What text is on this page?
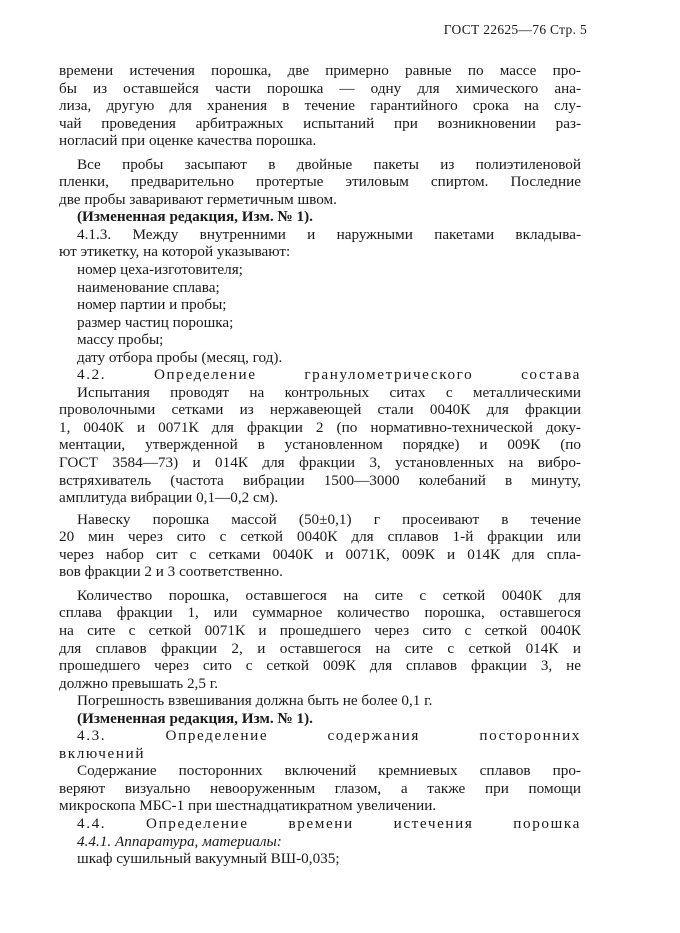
ГОСТ 22625—76 Стр. 5
времени истечения порошка, две примерно равные по массе про-
бы из оставшейся части порошка — одну для химического ана-
лиза, другую для хранения в течение гарантийного срока на слу-
чай проведения арбитражных испытаний при возникновении раз-
ногласий при оценке качества порошка.
Все пробы засыпают в двойные пакеты из полиэтиленовой
пленки, предварительно протертые этиловым спиртом. Последние
две пробы заваривают герметичным швом.
(Измененная редакция, Изм. № 1).
4.1.3. Между внутренними и наружными пакетами вкладыва-
ют этикетку, на которой указывают:
номер цеха-изготовителя;
наименование сплава;
номер партии и пробы;
размер частиц порошка;
массу пробы;
дату отбора пробы (месяц, год).
4.2. Определение гранулометрического состава
Испытания проводят на контрольных ситах с металлическими
проволочными сетками из нержавеющей стали 0040К для фракции
1, 0040К и 0071К для фракции 2 (по нормативно-технической доку-
ментации, утвержденной в установленном порядке) и 009К (по
ГОСТ 3584—73) и 014К для фракции 3, установленных на вибро-
встряхиватель (частота вибрации 1500—3000 колебаний в минуту,
амплитуда вибрации 0,1—0,2 см).
Навеску порошка массой (50±0,1) г просеивают в течение
20 мин через сито с сеткой 0040К для сплавов 1-й фракции или
через набор сит с сетками 0040К и 0071К, 009К и 014К для спла-
вов фракции 2 и 3 соответственно.
Количество порошка, оставшегося на сите с сеткой 0040К для
сплава фракции 1, или суммарное количество порошка, оставшегося
на сите с сеткой 0071К и прошедшего через сито с сеткой 0040К
для сплавов фракции 2, и оставшегося на сите с сеткой 014К и
прошедшего через сито с сеткой 009К для сплавов фракции 3, не
должно превышать 2,5 г.
Погрешность взвешивания должна быть не более 0,1 г.
(Измененная редакция, Изм. № 1).
4.3. Определение содержания посторонних
включений
Содержание посторонних включений кремниевых сплавов про-
веряют визуально невооруженным глазом, а также при помощи
микроскопа МБС-1 при шестнадцатикратном увеличении.
4.4. Определение времени истечения порошка
4.4.1. Аппаратура, материалы:
шкаф сушильный вакуумный ВШ-0,035;
